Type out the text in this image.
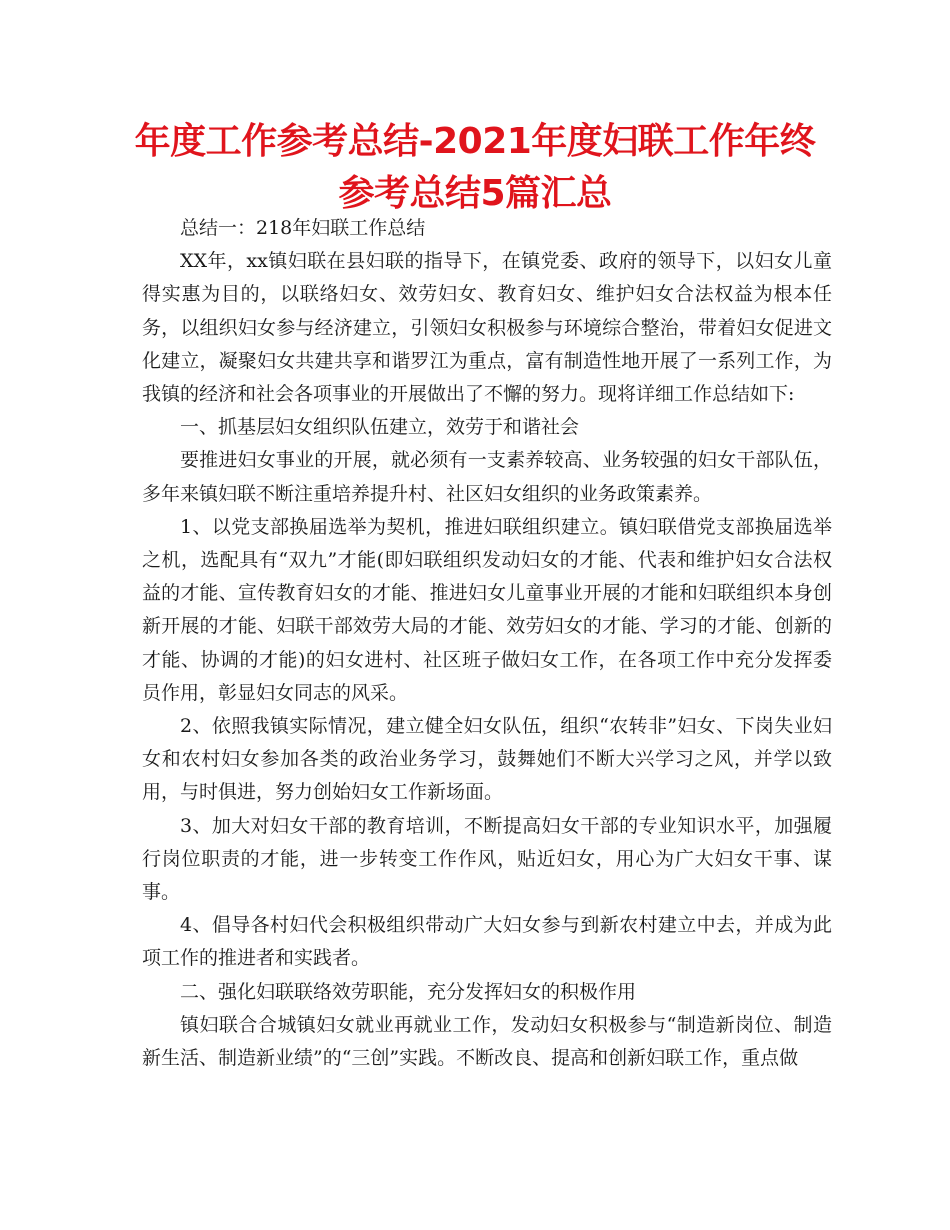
年度工作参考总结-2021年度妇联工作年终参考总结5篇汇总

总结一：218年妇联工作总结

XX年，xx镇妇联在县妇联的指导下，在镇党委、政府的领导下，以妇女儿童得实惠为目的，以联络妇女、效劳妇女、教育妇女、维护妇女合法权益为根本任务，以组织妇女参与经济建立，引领妇女积极参与环境综合整治，带着妇女促进文化建立，凝聚妇女共建共享和谐罗江为重点，富有制造性地开展了一系列工作，为我镇的经济和社会各项事业的开展做出了不懈的努力。现将详细工作总结如下:

一、抓基层妇女组织队伍建立，效劳于和谐社会

要推进妇女事业的开展，就必须有一支素养较高、业务较强的妇女干部队伍，多年来镇妇联不断注重培养提升村、社区妇女组织的业务政策素养。

1、以党支部换届选举为契机，推进妇联组织建立。镇妇联借党支部换届选举之机，选配具有“双九”才能(即妇联组织发动妇女的才能、代表和维护妇女合法权益的才能、宣传教育妇女的才能、推进妇女儿童事业开展的才能和妇联组织本身创新开展的才能、妇联干部效劳大局的才能、效劳妇女的才能、学习的才能、创新的才能、协调的才能)的妇女进村、社区班子做妇女工作，在各项工作中充分发挥委员作用，彰显妇女同志的风采。

2、依照我镇实际情况，建立健全妇女队伍，组织“农转非”妇女、下岗失业妇女和农村妇女参加各类的政治业务学习，鼓舞她们不断大兴学习之风，并学以致用，与时俱进，努力创始妇女工作新场面。

3、加大对妇女干部的教育培训，不断提高妇女干部的专业知识水平，加强履行岗位职责的才能，进一步转变工作作风，贴近妇女，用心为广大妇女干事、谋事。

4、倡导各村妇代会积极组织带动广大妇女参与到新农村建立中去，并成为此项工作的推进者和实践者。

二、强化妇联联络效劳职能，充分发挥妇女的积极作用

镇妇联合合城镇妇女就业再就业工作，发动妇女积极参与“制造新岗位、制造新生活、制造新业绩”的“三创”实践。不断改良、提高和创新妇联工作，重点做
